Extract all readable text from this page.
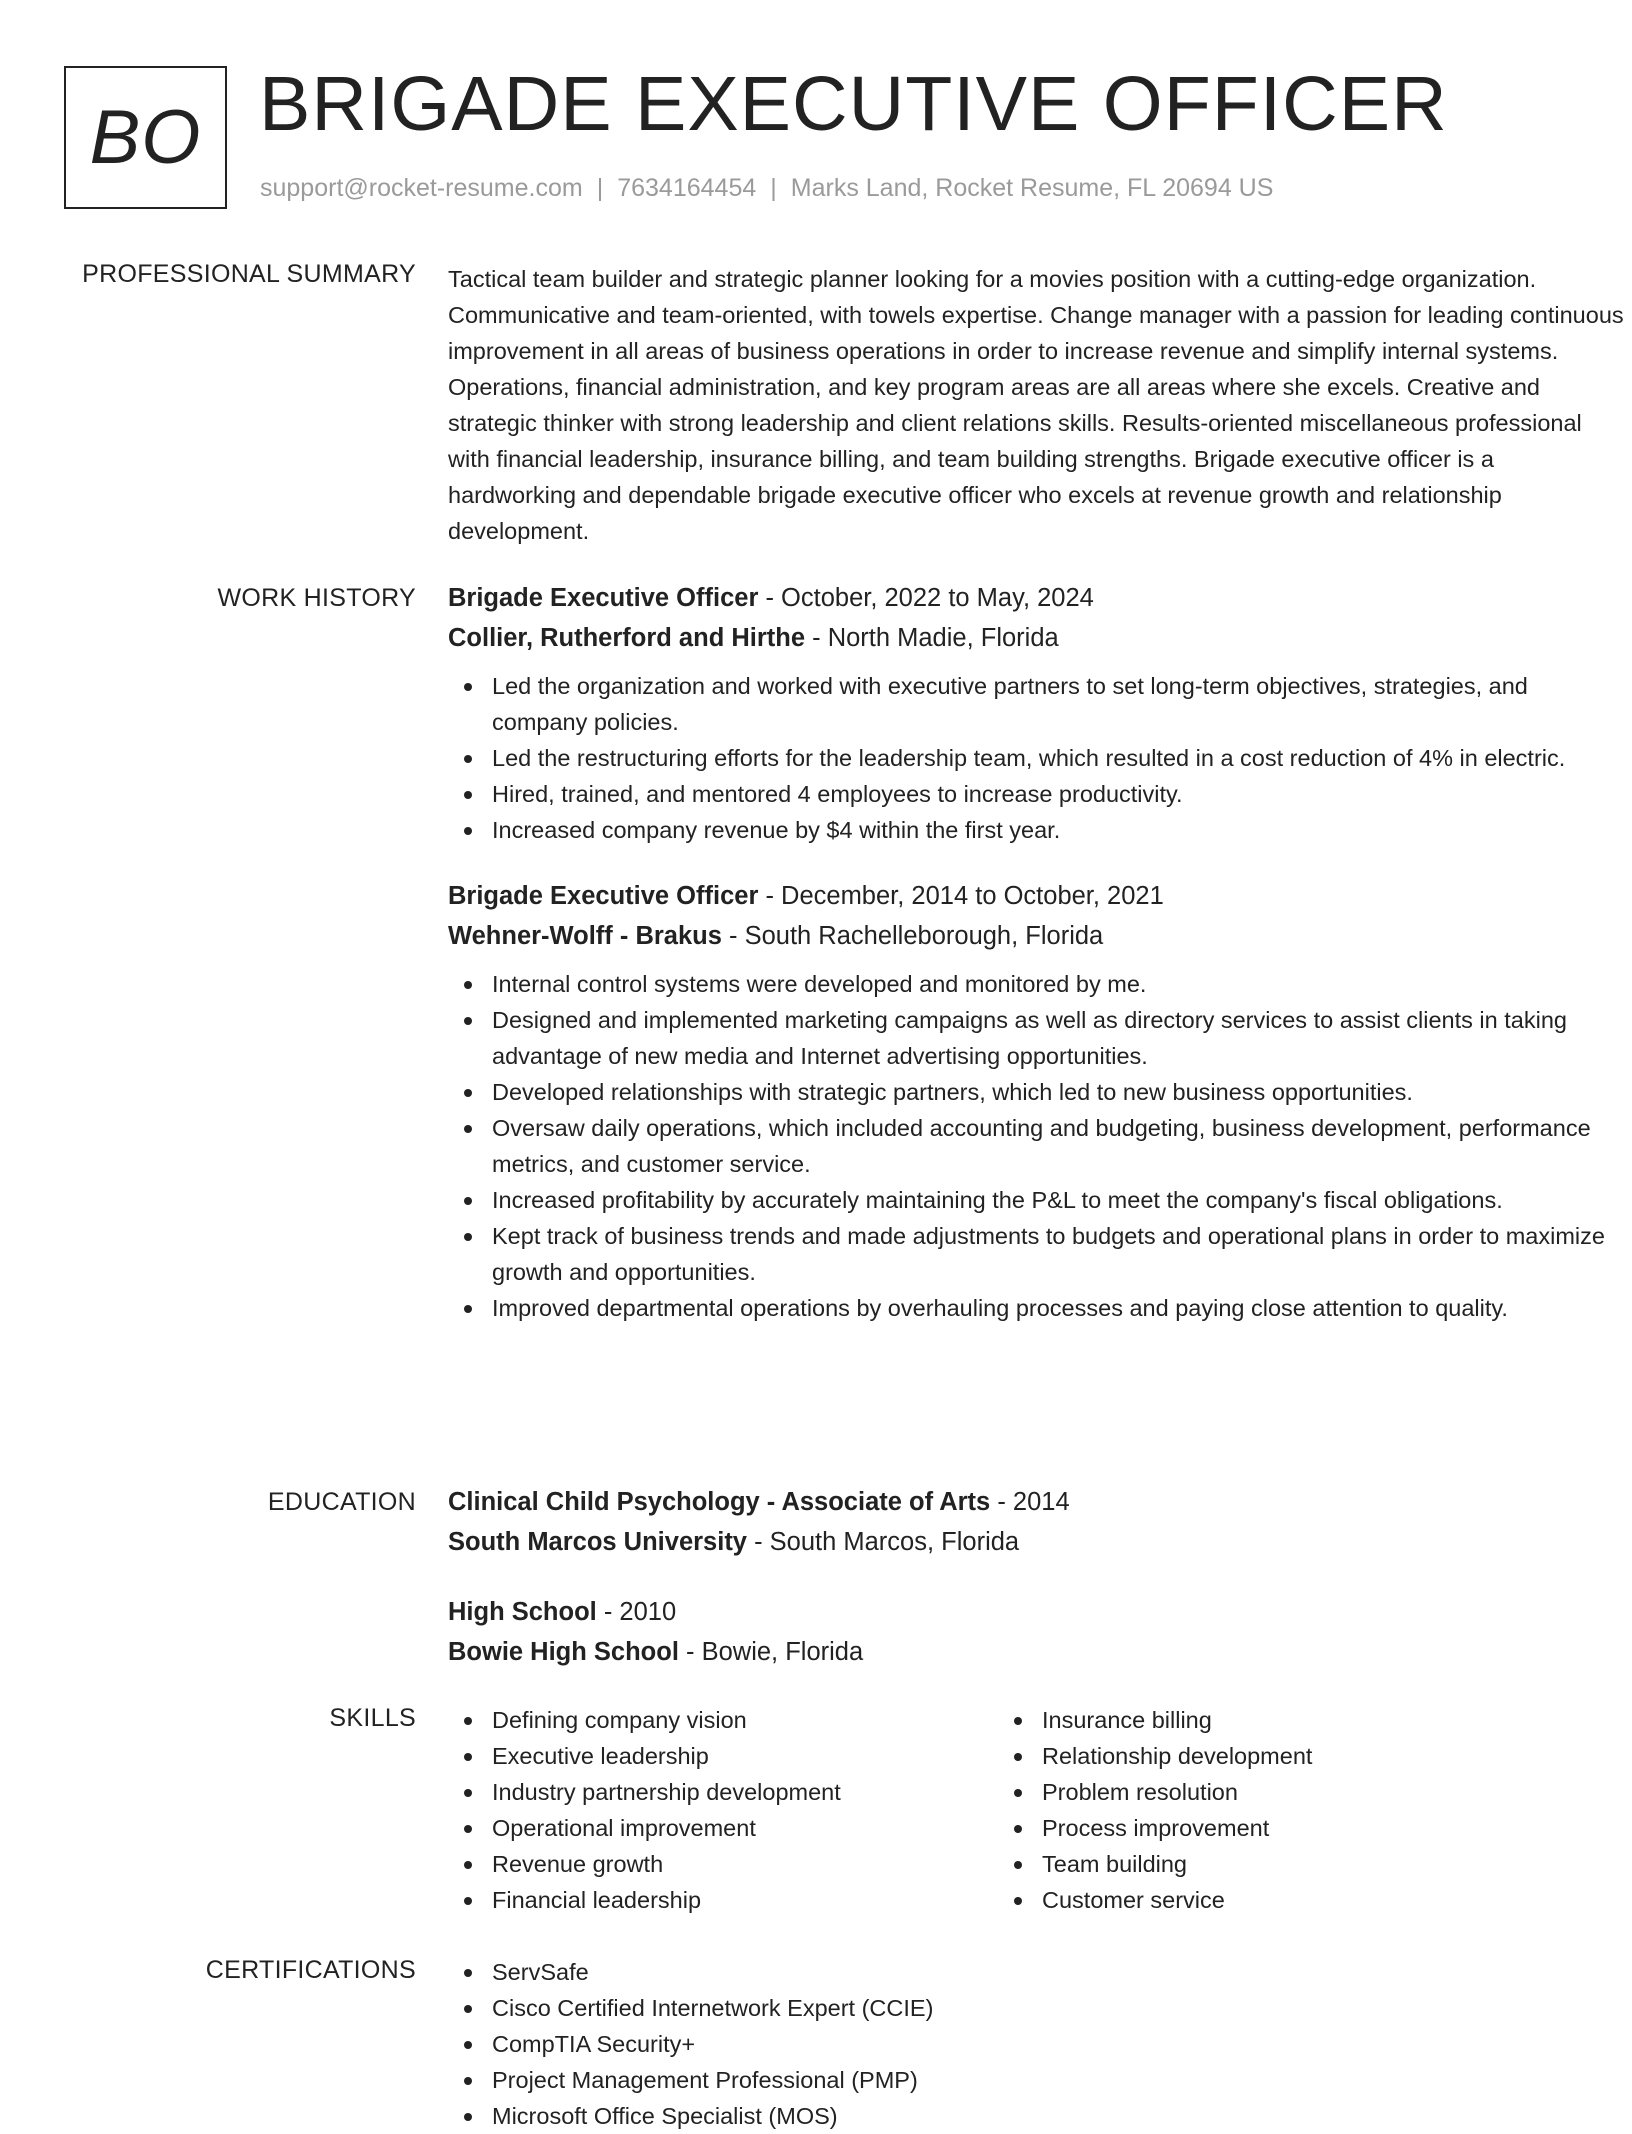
BO BRIGADE EXECUTIVE OFFICER
support@rocket-resume.com | 7634164454 | Marks Land, Rocket Resume, FL 20694 US
PROFESSIONAL SUMMARY Tactical team builder and strategic planner looking for a movies position with a cutting-edge organization. Communicative and team-oriented, with towels expertise. Change manager with a passion for leading continuous improvement in all areas of business operations in order to increase revenue and simplify internal systems. Operations, financial administration, and key program areas are all areas where she excels. Creative and strategic thinker with strong leadership and client relations skills. Results-oriented miscellaneous professional with financial leadership, insurance billing, and team building strengths. Brigade executive officer is a hardworking and dependable brigade executive officer who excels at revenue growth and relationship development.
WORK HISTORY Brigade Executive Officer - October, 2022 to May, 2024
Collier, Rutherford and Hirthe - North Madie, Florida
Led the organization and worked with executive partners to set long-term objectives, strategies, and company policies.
Led the restructuring efforts for the leadership team, which resulted in a cost reduction of 4% in electric.
Hired, trained, and mentored 4 employees to increase productivity.
Increased company revenue by $4 within the first year.
Brigade Executive Officer - December, 2014 to October, 2021
Wehner-Wolff - Brakus - South Rachelleborough, Florida
Internal control systems were developed and monitored by me.
Designed and implemented marketing campaigns as well as directory services to assist clients in taking advantage of new media and Internet advertising opportunities.
Developed relationships with strategic partners, which led to new business opportunities.
Oversaw daily operations, which included accounting and budgeting, business development, performance metrics, and customer service.
Increased profitability by accurately maintaining the P&L to meet the company's fiscal obligations.
Kept track of business trends and made adjustments to budgets and operational plans in order to maximize growth and opportunities.
Improved departmental operations by overhauling processes and paying close attention to quality.
EDUCATION Clinical Child Psychology - Associate of Arts - 2014
South Marcos University - South Marcos, Florida
High School - 2010
Bowie High School - Bowie, Florida
SKILLS	Defining company vision
Executive leadership
Industry partnership development
Operational improvement
Revenue growth
Financial leadership
Insurance billing
Relationship development
Problem resolution
Process improvement
Team building
Customer service
CERTIFICATIONS	ServSafe
Cisco Certified Internetwork Expert (CCIE)
CompTIA Security+
Project Management Professional (PMP)
Microsoft Office Specialist (MOS)
